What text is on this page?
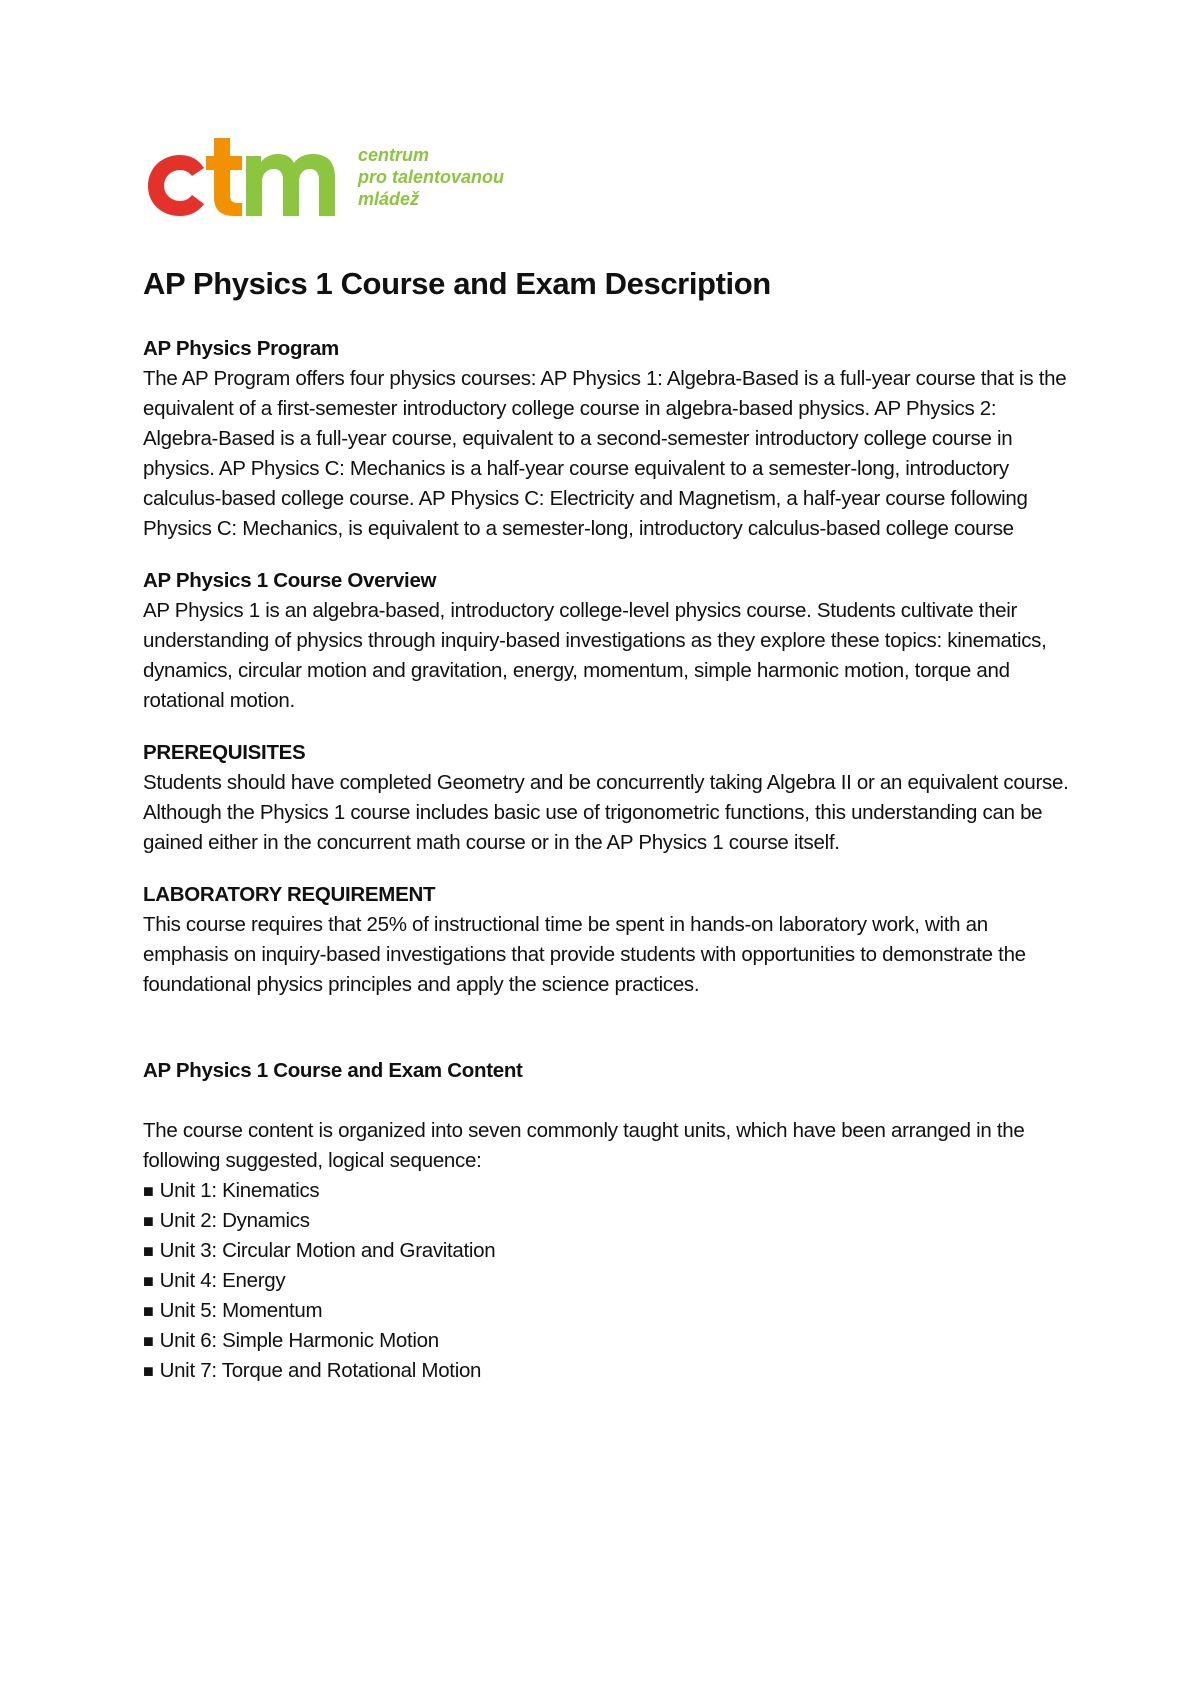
centrum
pro talentovanou
mládež
AP Physics 1 Course and Exam Description

AP Physics Program

The AP Program offers four physics courses: AP Physics 1: Algebra-Based is a full-year course that is the equivalent of a first-semester introductory college course in algebra-based physics. AP Physics 2: Algebra-Based is a full-year course, equivalent to a second-semester introductory college course in physics. AP Physics C: Mechanics is a half-year course equivalent to a semester-long, introductory calculus-based college course. AP Physics C: Electricity and Magnetism, a half-year course following Physics C: Mechanics, is equivalent to a semester-long, introductory calculus-based college course

AP Physics 1 Course Overview

AP Physics 1 is an algebra-based, introductory college-level physics course. Students cultivate their understanding of physics through inquiry-based investigations as they explore these topics: kinematics, dynamics, circular motion and gravitation, energy, momentum, simple harmonic motion, torque and rotational motion.

PREREQUISITES

Students should have completed Geometry and be concurrently taking Algebra II or an equivalent course. Although the Physics 1 course includes basic use of trigonometric functions, this understanding can be gained either in the concurrent math course or in the AP Physics 1 course itself.

LABORATORY REQUIREMENT

This course requires that 25% of instructional time be spent in hands-on laboratory work, with an emphasis on inquiry-based investigations that provide students with opportunities to demonstrate the foundational physics principles and apply the science practices.

AP Physics 1 Course and Exam Content

The course content is organized into seven commonly taught units, which have been arranged in the following suggested, logical sequence:

■ Unit 1: Kinematics
■ Unit 2: Dynamics
■ Unit 3: Circular Motion and Gravitation
■ Unit 4: Energy
■ Unit 5: Momentum
■ Unit 6: Simple Harmonic Motion
■ Unit 7: Torque and Rotational Motion
